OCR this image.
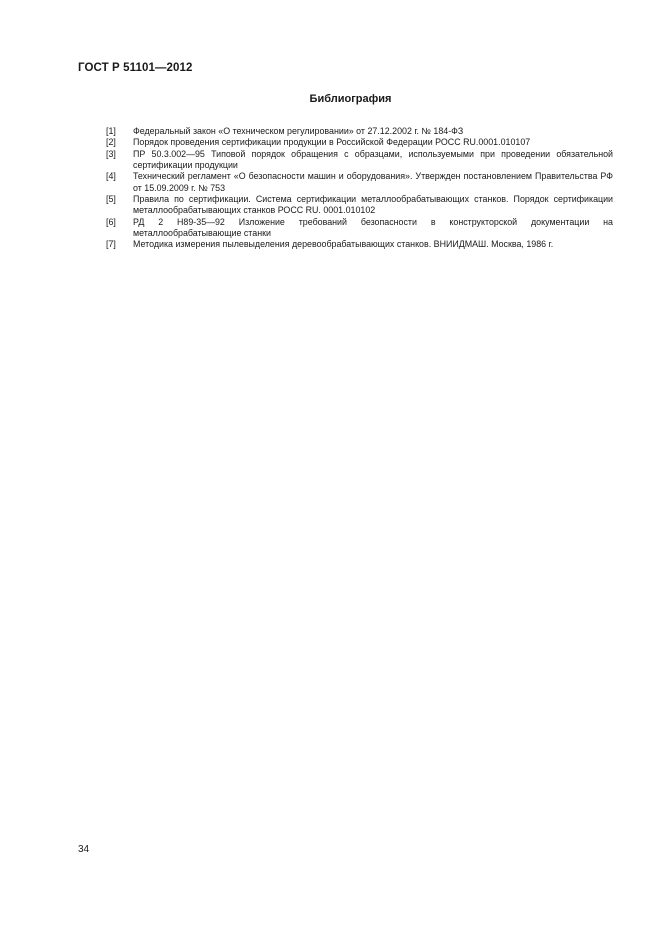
ГОСТ Р 51101—2012
Библиография
[1]	Федеральный закон «О техническом регулировании» от 27.12.2002 г. № 184-ФЗ
[2]	Порядок проведения сертификации продукции в Российской Федерации РОСС RU.0001.010107
[3]	ПР 50.3.002—95 Типовой порядок обращения с образцами, используемыми при проведении обязательной сертификации продукции
[4]	Технический регламент «О безопасности машин и оборудования». Утвержден постановлением Правительства РФ от 15.09.2009 г. № 753
[5]	Правила по сертификации. Система сертификации металлообрабатывающих станков. Порядок сертификации металлообрабатывающих станков РОСС RU. 0001.010102
[6]	РД 2 Н89-35—92 Изложение требований безопасности в конструкторской документации на металлообрабатывающие станки
[7]	Методика измерения пылевыделения деревообрабатывающих станков. ВНИИДМАШ. Москва, 1986 г.
34
